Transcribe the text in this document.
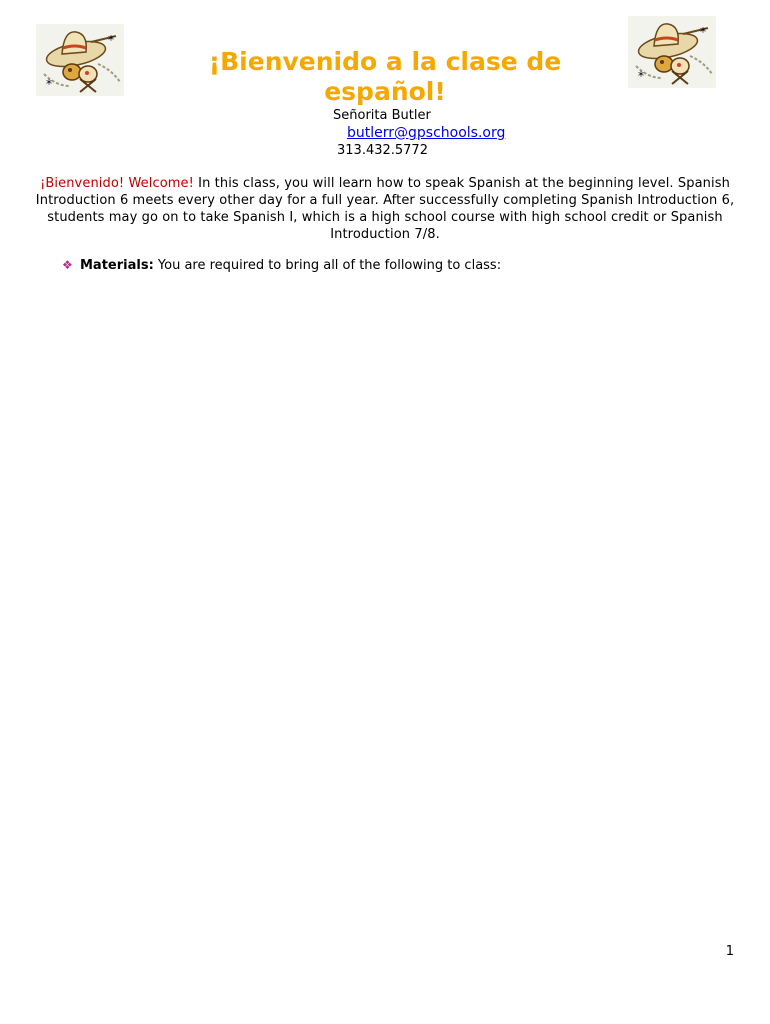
*
*
*
*
¡Bienvenido a la clase de español!
Señorita Butler
butlerr@gpschools.org
313.432.5772
¡Bienvenido! Welcome! In this class, you will learn how to speak Spanish at the beginning level. Spanish Introduction 6 meets every other day for a full year. After successfully completing Spanish Introduction 6, students may go on to take Spanish I, which is a high school course with high school credit or Spanish Introduction 7/8.
❖ Materials: You are required to bring all of the following to class:
1
